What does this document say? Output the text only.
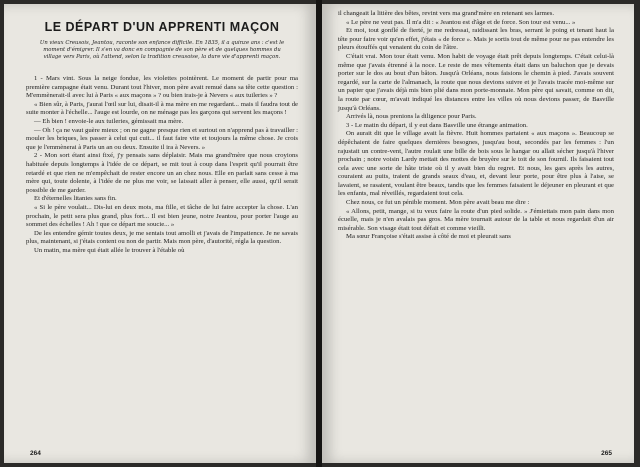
LE DÉPART D'UN APPRENTI MAÇON
Un vieux Creusois, Jeantou, raconte son enfance difficile. En 1835, il a quinze ans : c'est le moment d'émigrer. Il s'en va donc en compagnie de son père et de quelques hommes du village vers Paris, où l'attend, selon la tradition creusoise, la dure vie d'apprenti maçon.

1 - Mars vint. Sous la neige fondue, les violettes pointèrent. Le moment de partir pour ma première campagne était venu. Durant tout l'hiver, mon père avait remué dans sa tête cette question : M'emmènerait-il avec lui à Paris « aux maçons » ? ou bien irais-je à Nevers « aux tuileries » ?

« Bien sûr, à Paris, j'aurai l'œil sur lui, disait-il à ma mère en me regardant... mais il faudra tout de suite monter à l'échelle... l'auge est lourde, on ne ménage pas les garçons qui servent les maçons !

— Eh bien ! envoie-le aux tuileries, gémissait ma mère.

— Oh ! ça ne vaut guère mieux ; on ne gagne presque rien et surtout on n'apprend pas à travailler : mouler les briques, les passer à celui qui cuit... il faut faire vite et toujours la même chose. Je crois que je l'emmènerai à Paris un an ou deux. Ensuite il ira à Nevers. »

2 - Mon sort étant ainsi fixé, j'y pensais sans déplaisir. Mais ma grand'mère que nous croyions habituée depuis longtemps à l'idée de ce départ, se mit tout à coup dans l'esprit qu'il pourrait être retardé et que rien ne m'empêchait de rester encore un an chez nous. Elle en parlait sans cesse à ma mère qui, toute dolente, à l'idée de ne plus me voir, se laissait aller à penser, elle aussi, qu'il serait possible de me garder.

Et d'éternelles litanies sans fin.

« Si le père voulait... Dis-lui en deux mots, ma fille, et tâche de lui faire accepter la chose. L'an prochain, le petit sera plus grand, plus fort... Il est bien jeune, notre Jeantou, pour porter l'auge au sommet des échelles ! Ah ! que ce départ me soucie... »

De les entendre gémir toutes deux, je me sentais tout amolli et j'avais de l'impatience. Je ne savais plus, maintenant, si j'étais content ou non de partir. Mais mon père, d'autorité, régla la question.

Un matin, ma mère qui était allée le trouver à l'étable où

264

il changeait la litière des bêtes, revint vers ma grand'mère en retenant ses larmes.

« Le père ne veut pas. Il m'a dit : « Jeantou est d'âge et de force. Son tour est venu... »

Et moi, tout gonflé de fierté, je me redressai, raidissant les bras, serrant le poing et tenant haut la tête pour faire voir qu'en effet, j'étais « de force ». Mais je sortis tout de même pour ne pas entendre les pleurs étouffés qui venaient du coin de l'âtre.

C'était vrai. Mon tour était venu. Mon habit de voyage était prêt depuis longtemps. C'était celui-là même que j'avais étrenné à la noce. Le reste de mes vêtements était dans un baluchon que je devais porter sur le dos au bout d'un bâton. Jusqu'à Orléans, nous faisions le chemin à pied. J'avais souvent regardé, sur la carte de l'almanach, la route que nous devions suivre et je l'avais tracée moi-même sur un papier que j'avais déjà mis bien plié dans mon porte-monnaie. Mon père qui savait, comme on dit, la route par cœur, m'avait indiqué les distances entre les villes où nous devions passer, de Basville jusqu'à Orléans.

Arrivés là, nous prenions la diligence pour Paris.

3 - Le matin du départ, il y eut dans Basville une étrange animation.

On aurait dit que le village avait la fièvre. Huit hommes partaient « aux maçons ». Beaucoup se dépêchaient de faire quelques dernières besognes, jusqu'au bout, secondés par les femmes : l'un rajustait un contre-vent, l'autre roulait une bille de bois sous le hangar ou allait sécher jusqu'à l'hiver prochain ; notre voisin Lardy mettait des mottes de bruyère sur le toit de son fournil. Ils faisaient tout cela avec une sorte de hâte triste où il y avait bien du regret. Et nous, les gars après les autres, couraient au puits, traient de grands seaux d'eau, et, devant leur porte, pour être plus à l'aise, se lavaient, se rasaient, voulant être beaux, tandis que les femmes faisaient le déjeuner en pleurant et que les enfants, mal réveillés, regardaient tout cela.

Chez nous, ce fut un pénible moment. Mon père avait beau me dire :

« Allons, petit, mange, si tu veux faire la route d'un pied solide. » J'émiettais mon pain dans mon écuelle, mais je n'en avalais pas gros. Ma mère tournait autour de la table et nous regardait d'un air misérable. Son visage était tout défait et comme vieilli.

Ma sœur Françoise s'était assise à côté de moi et pleurait sans

265
